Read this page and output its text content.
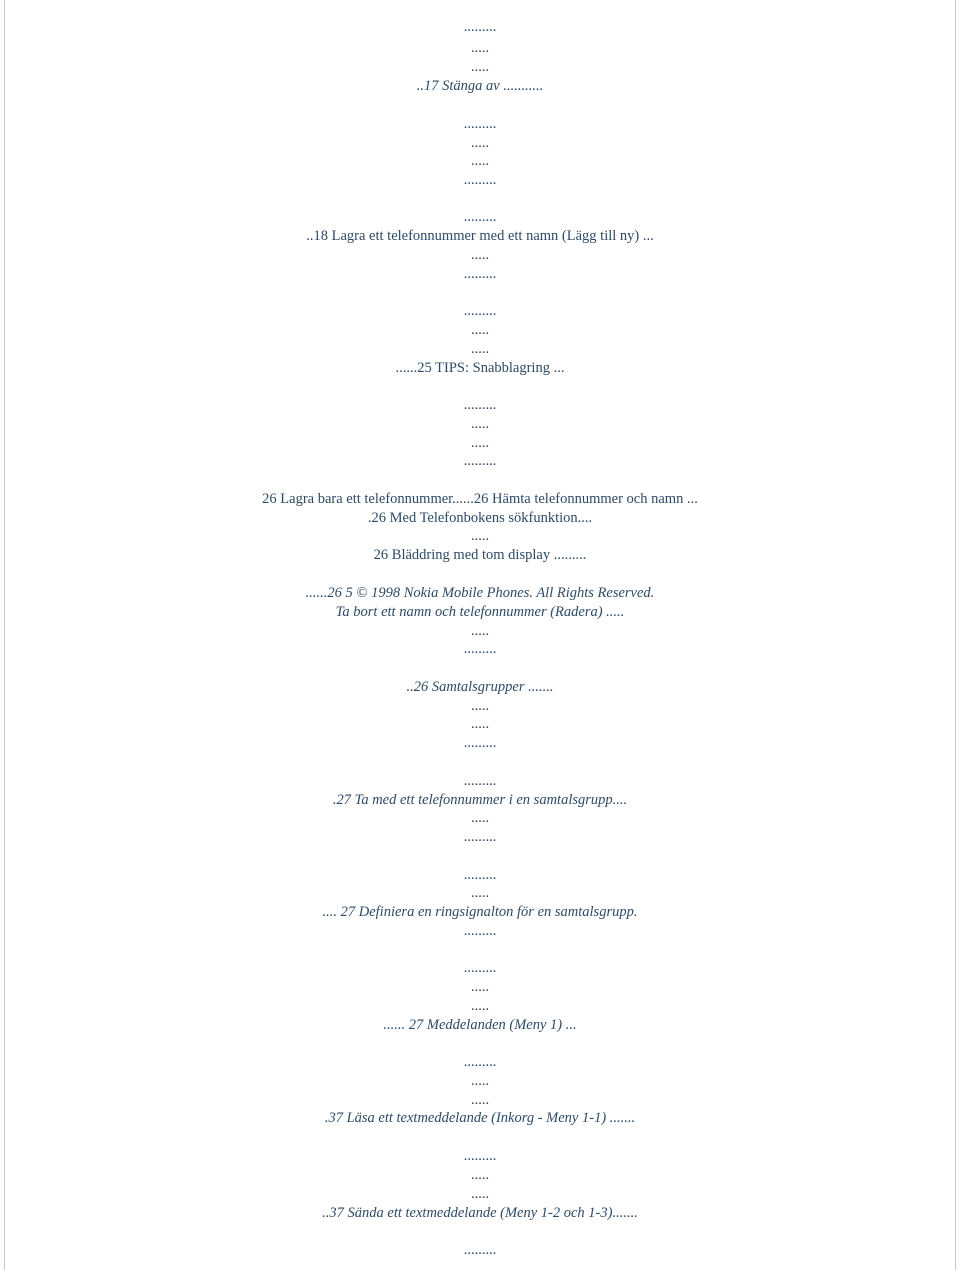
.........
.....
.....
..17 Stänga av ...........
.........
.....
.....
.........
.........
..18 Lagra ett telefonnummer med ett namn (Lägg till ny) ...
.....
.........
.........
.....
.....
......25 TIPS: Snabblagring ...
.........
.....
.....
.........
26 Lagra bara ett telefonnummer......26 Hämta telefonnummer och namn ...
.26 Med Telefonbokens sökfunktion....
.....
26 Bläddring med tom display .........
......26 5 © 1998 Nokia Mobile Phones. All Rights Reserved.
Ta bort ett namn och telefonnummer (Radera) .....
.....
.........
..26 Samtalsgrupper .......
.....
.....
.........
.........
.27 Ta med ett telefonnummer i en samtalsgrupp....
.....
.........
.........
.....
.... 27 Definiera en ringsignalton för en samtalsgrupp.
.........
.........
.....
.....
...... 27 Meddelanden (Meny 1) ...
.........
.....
.....
.37 Läsa ett textmeddelande (Inkorg - Meny 1-1) .......
.........
.....
.....
..37 Sända ett textmeddelande (Meny 1-2 och 1-3).......
.........
